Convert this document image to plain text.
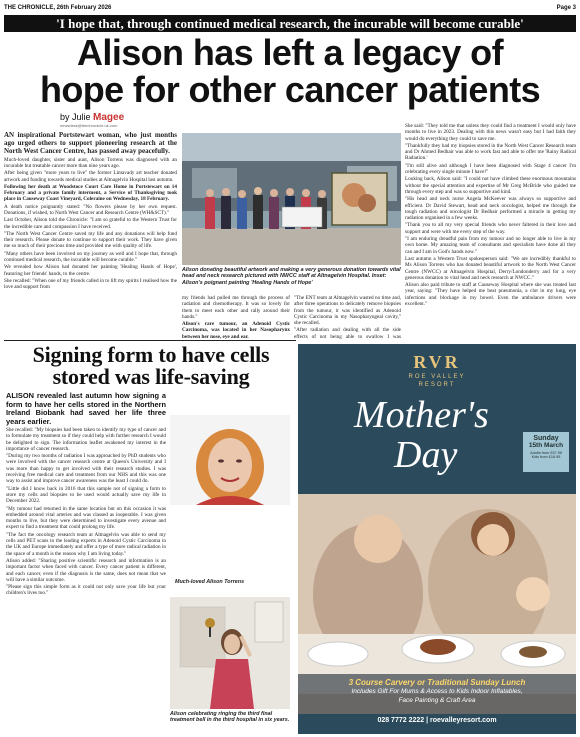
THE CHRONICLE, 26th February 2026	Page 3
'I hope that, through continued medical research, the incurable will become curable'
Alison has left a legacy of
hope for other cancer patients
by Julie Magee
newsdesk@thechronicle.uk.com

AN inspirational Portstewart woman, who just months ago urged others to support pioneering research at the North West Cancer Centre, has passed away peacefully.

Much-loved daughter, sister and aunt, Alison Torrens was diagnosed with an incurable but treatable cancer more than nine years ago.

After being given "more years to live" the former Limavady art teacher donated artwork and funding towards medical studies at Altnagelvin Hospital last autumn.

Following her death at Woodstoce Court Care Home in Portstewart on 14 February and a private family interment, a Service of Thanksgiving took place in Causeway Coast Vineyard, Coleraine on Wednesday, 18 February.

A death notice poignantly stated: "No flowers please by her own request. Donations, if wished, to North West Cancer and Research Centre (WH&SCT)."

Last October, Alison told the Chronicle: "I am so grateful to the Western Trust for the incredible care and compassion I have received.

"The North West Cancer Centre saved my life and any donations will help fund their research. Please donate to continue to support their work. They have given me so much of their precious time and provided me with quality of life.

"Many others have been involved on my journey as well and I hope that, through continued medical research, the incurable will become curable."

We revealed how Alison had donated her painting 'Healing Hands of Hope', featuring her friends' hands, to the centre.

She recalled: "When one of my friends called in to lift my spirits I realised how the love and support from

Alison donating beautiful artwork and making a very generous donation towards vital head and neck research pictured with NWCC staff at Altnagelvin Hospital. Inset: Alison's poignant painting 'Healing Hands of Hope'

my friends had pulled me through the process of radiation and chemotherapy. It was so lovely for them to meet each other and rally around their hands."

Alison's rare tumour, an Adenoid Cystic Carcinoma, was located in her Nasopharynx between her nose, eye and ear.

"The ENT team at Altnagelvin wasted no time and, after three operations to delicately remove biopsies from the tumour, it was identified as Adenoid Cystic Carcinoma in my Nasopharyngeal cavity," she recalled.

"After radiation and dealing with all the side effects of not being able to swallow I was

She said: "They told me that unless they could find a treatment I would only have months to live in 2023. Dealing with this news wasn't easy but I had faith they would do everything they could to save me.

"Thankfully they had my biopsies stored in the North West Cancer Research team and Dr Ahmed Bedhair was able to work fast and able to offer me 'Rainy Radical Radiation.'

"I'm still alive and although I have been diagnosed with Stage 4 cancer I'm celebrating every single minute I have!"

Looking back, Alison said: "I could not have climbed these enormous mountains without the special attention and expertise of Mr Greg McBride who guided me through every step and was so supportive and kind.

"His head and neck nurse Angela McKeever was always so supportive and efficient. Dr David Stewart, head and neck oncologist, helped me through the tough radiation and oncologist Dr Bedhair performed a miracle in getting my radiation organised in a few weeks.

"Thank you to all my very special friends who never faltered in their love and support and were with me every step of the way.

"I am enduring dreadful pain from my tumour and no longer able to live in my own home. My amazing team of consultants and specialists have done all they can and I am in God's hands now."

Last autumn a Western Trust spokesperson said: "We are incredibly thankful to Ms Alison Torrens who has donated beautiful artwork to the North West Cancer Centre (NWCC) at Altnagelvin Hospital, Derry/Londonderry and for a very generous donation to vital head and neck research at NWCC."

Alison also paid tribute to staff at Causeway Hospital where she was treated last year, saying: "They have helped me beat pneumonia, a clot in my lung, eye infections and blockage in my bowel. Even the ambulance drivers were excellent."

Signing form to have cells
stored was life-saving

ALISON revealed last autumn how signing a form to have her cells stored in the Northern Ireland Biobank had saved her life three years earlier.

She recalled: "My biopsies had been taken to identify my type of cancer and to formulate my treatment so if they could help with further research I would be delighted to sign. The information leaflet awakened my interest in the importance of cancer research.

"During my two months of radiation I was approached by PhD students who were involved with the cancer research centre at Queen's University and I was more than happy to get involved with their research studies. I was receiving free medical care and treatment from our NHS and this was one way to assist and improve cancer awareness was the least I could do.

"Little did I know back in 2016 that this sample not of signing a form to store my cells and biopsies to be used would actually save my life in December 2022.

"My tumour had returned in the same location but on this occasion it was embedded around vital arteries and was classed as inoperable. I was given months to live, but they were determined to investigate every avenue and expert to find a treatment that could prolong my life.

"The fact the oncology research team at Altnagelvin was able to send my cells and PET scans to the leading experts in Adenoid Cystic Carcinoma in the UK and Europe immediately and offer a type of more radical radiation in the space of a month is the reason why I am living today."

Alison added: "Sharing positive scientific research and information is an important factor when faced with cancer. Every cancer patient is different, and each cancer, even if the diagnosis is the same, does not mean that we will have a similar outcome.

"Please sign this simple form as it could not only save your life but your children's lives too."

Much-loved Alison Torrens
Alison celebrating ringing the third final treatment bell in the third hospital in six years.
RVR
ROE VALLEY
RESORT
Mother's
Day	Sunday
15th March
Adults from £37.95
Kids from £16.95
3 Course Carvery or Traditional Sunday Lunch
Includes Gift For Mums & Access to Kids Indoor Inflatables,
Face Painting & Craft Area
028 7772 2222 | roevalleyresort.com
